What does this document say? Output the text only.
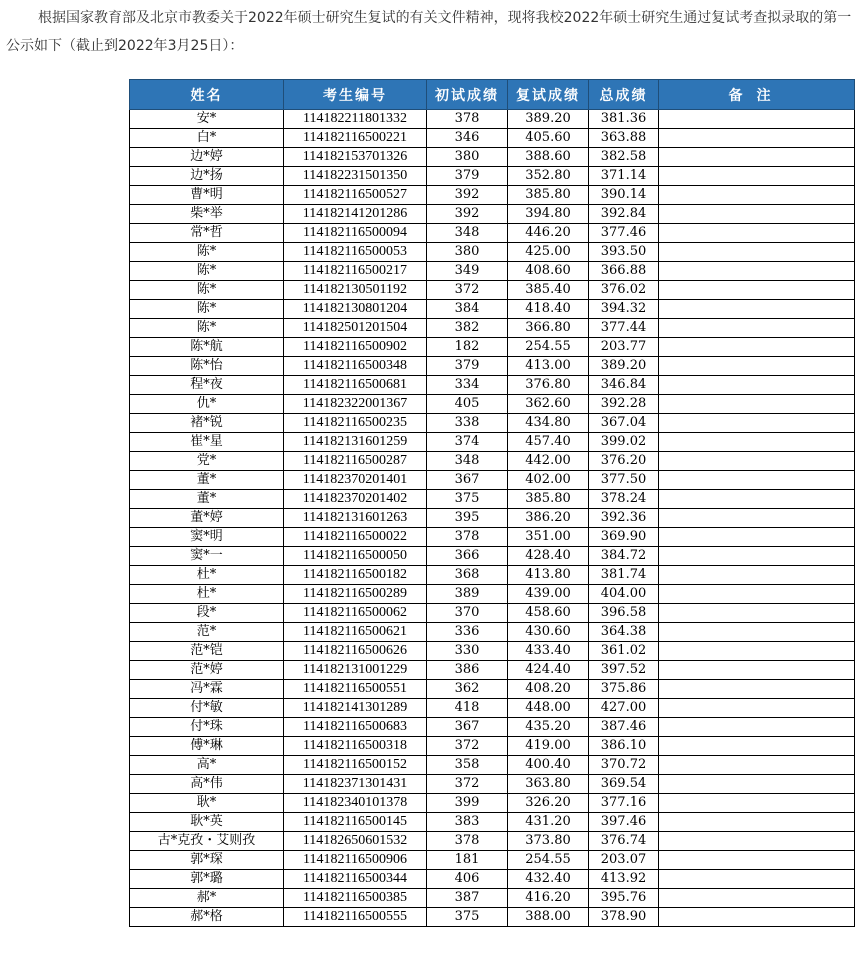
根据国家教育部及北京市教委关于2022年硕士研究生复试的有关文件精神，现将我校2022年硕士研究生通过复试考查拟录取的第一
公示如下（截止到2022年3月25日）：
姓名	考生编号	初试成绩	复试成绩	总成绩	备注
安*	114182211801332	378	389.20	381.36	
白*	114182116500221	346	405.60	363.88	
边*婷	114182153701326	380	388.60	382.58	
边*扬	114182231501350	379	352.80	371.14	
曹*明	114182116500527	392	385.80	390.14	
柴*举	114182141201286	392	394.80	392.84	
常*哲	114182116500094	348	446.20	377.46	
陈*	114182116500053	380	425.00	393.50	
陈*	114182116500217	349	408.60	366.88	
陈*	114182130501192	372	385.40	376.02	
陈*	114182130801204	384	418.40	394.32	
陈*	114182501201504	382	366.80	377.44	
陈*航	114182116500902	182	254.55	203.77	
陈*怡	114182116500348	379	413.00	389.20	
程*夜	114182116500681	334	376.80	346.84	
仇*	114182322001367	405	362.60	392.28	
褚*锐	114182116500235	338	434.80	367.04	
崔*星	114182131601259	374	457.40	399.02	
党*	114182116500287	348	442.00	376.20	
董*	114182370201401	367	402.00	377.50	
董*	114182370201402	375	385.80	378.24	
董*婷	114182131601263	395	386.20	392.36	
窦*明	114182116500022	378	351.00	369.90	
窦*一	114182116500050	366	428.40	384.72	
杜*	114182116500182	368	413.80	381.74	
杜*	114182116500289	389	439.00	404.00	
段*	114182116500062	370	458.60	396.58	
范*	114182116500621	336	430.60	364.38	
范*铠	114182116500626	330	433.40	361.02	
范*婷	114182131001229	386	424.40	397.52	
冯*霖	114182116500551	362	408.20	375.86	
付*敏	114182141301289	418	448.00	427.00	
付*珠	114182116500683	367	435.20	387.46	
傅*琳	114182116500318	372	419.00	386.10	
高*	114182116500152	358	400.40	370.72	
高*伟	114182371301431	372	363.80	369.54	
耿*	114182340101378	399	326.20	377.16	
耿*英	114182116500145	383	431.20	397.46	
古*克孜・艾则孜	114182650601532	378	373.80	376.74	
郭*琛	114182116500906	181	254.55	203.07	
郭*璐	114182116500344	406	432.40	413.92	
郝*	114182116500385	387	416.20	395.76	
郝*格	114182116500555	375	388.00	378.90	
